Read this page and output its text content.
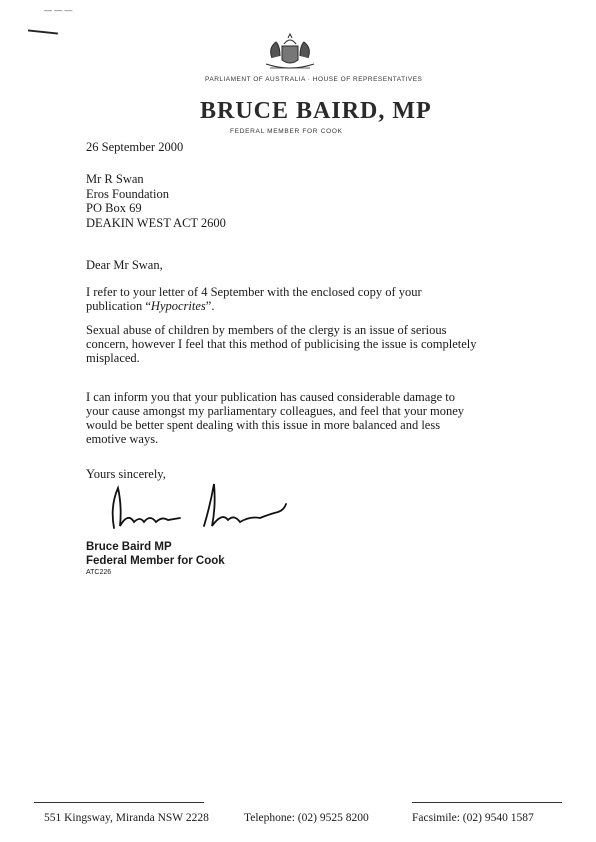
— — —
PARLIAMENT OF AUSTRALIA · HOUSE OF REPRESENTATIVES
BRUCE BAIRD, MP
FEDERAL MEMBER FOR COOK
26 September 2000
Mr R Swan
Eros Foundation
PO Box 69
DEAKIN WEST ACT 2600
Dear Mr Swan,
I refer to your letter of 4 September with the enclosed copy of your
publication “Hypocrites”.
Sexual abuse of children by members of the clergy is an issue of serious
concern, however I feel that this method of publicising the issue is completely
misplaced.
I can inform you that your publication has caused considerable damage to
your cause amongst my parliamentary colleagues, and feel that your money
would be better spent dealing with this issue in more balanced and less
emotive ways.
Yours sincerely,
Bruce Baird MP
Federal Member for Cook
ATC226
551 Kingsway, Miranda NSW 2228	Telephone: (02) 9525 8200	Facsimile: (02) 9540 1587
